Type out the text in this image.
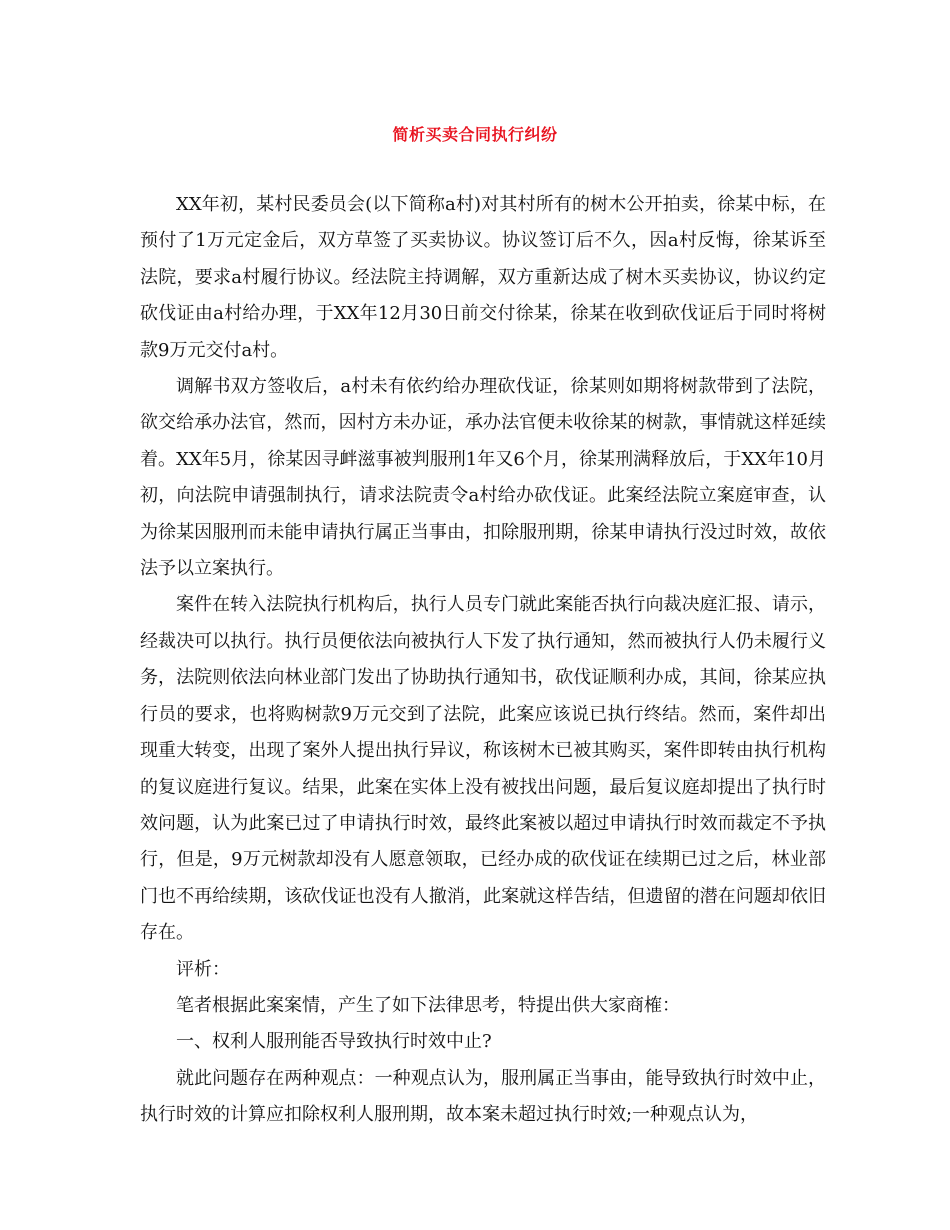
简析买卖合同执行纠纷

XX年初，某村民委员会(以下简称a村)对其村所有的树木公开拍卖，徐某中标，在预付了1万元定金后，双方草签了买卖协议。协议签订后不久，因a村反悔，徐某诉至法院，要求a村履行协议。经法院主持调解，双方重新达成了树木买卖协议，协议约定砍伐证由a村给办理，于XX年12月30日前交付徐某，徐某在收到砍伐证后于同时将树款9万元交付a村。

调解书双方签收后，a村未有依约给办理砍伐证，徐某则如期将树款带到了法院，欲交给承办法官，然而，因村方未办证，承办法官便未收徐某的树款，事情就这样延续着。XX年5月，徐某因寻衅滋事被判服刑1年又6个月，徐某刑满释放后，于XX年10月初，向法院申请强制执行，请求法院责令a村给办砍伐证。此案经法院立案庭审查，认为徐某因服刑而未能申请执行属正当事由，扣除服刑期，徐某申请执行没过时效，故依法予以立案执行。

案件在转入法院执行机构后，执行人员专门就此案能否执行向裁决庭汇报、请示，经裁决可以执行。执行员便依法向被执行人下发了执行通知，然而被执行人仍未履行义务，法院则依法向林业部门发出了协助执行通知书，砍伐证顺利办成，其间，徐某应执行员的要求，也将购树款9万元交到了法院，此案应该说已执行终结。然而，案件却出现重大转变，出现了案外人提出执行异议，称该树木已被其购买，案件即转由执行机构的复议庭进行复议。结果，此案在实体上没有被找出问题，最后复议庭却提出了执行时效问题，认为此案已过了申请执行时效，最终此案被以超过申请执行时效而裁定不予执行，但是，9万元树款却没有人愿意领取，已经办成的砍伐证在续期已过之后，林业部门也不再给续期，该砍伐证也没有人撤消，此案就这样告结，但遗留的潜在问题却依旧存在。

评析：

笔者根据此案案情，产生了如下法律思考，特提出供大家商榷：

一、权利人服刑能否导致执行时效中止?

就此问题存在两种观点：一种观点认为，服刑属正当事由，能导致执行时效中止，执行时效的计算应扣除权利人服刑期，故本案未超过执行时效;一种观点认为，
